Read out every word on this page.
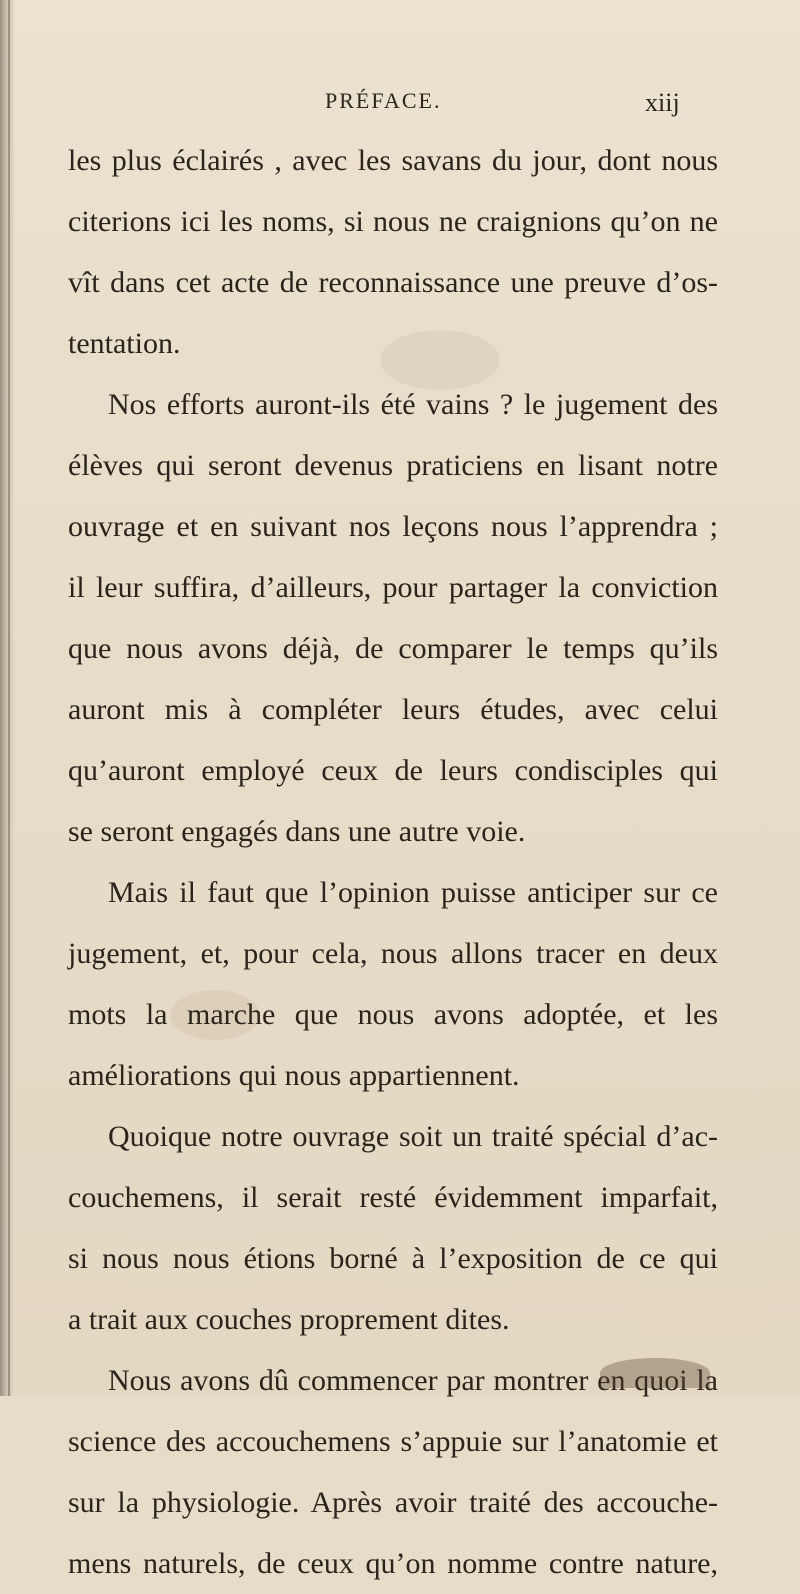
PRÉFACE.	xiij
les plus éclairés , avec les savans du jour, dont nous
citerions ici les noms, si nous ne craignions qu’on ne
vît dans cet acte de reconnaissance une preuve d’os-
tentation.
Nos efforts auront-ils été vains ? le jugement des
élèves qui seront devenus praticiens en lisant notre
ouvrage et en suivant nos leçons nous l’apprendra ;
il leur suffira, d’ailleurs, pour partager la conviction
que nous avons déjà, de comparer le temps qu’ils
auront mis à compléter leurs études, avec celui
qu’auront employé ceux de leurs condisciples qui
se seront engagés dans une autre voie.
Mais il faut que l’opinion puisse anticiper sur ce
jugement, et, pour cela, nous allons tracer en deux
mots la marche que nous avons adoptée, et les
améliorations qui nous appartiennent.
Quoique notre ouvrage soit un traité spécial d’ac-
couchemens, il serait resté évidemment imparfait,
si nous nous étions borné à l’exposition de ce qui
a trait aux couches proprement dites.
Nous avons dû commencer par montrer en quoi la
science des accouchemens s’appuie sur l’anatomie et
sur la physiologie. Après avoir traité des accouche-
mens naturels, de ceux qu’on nomme contre nature,
